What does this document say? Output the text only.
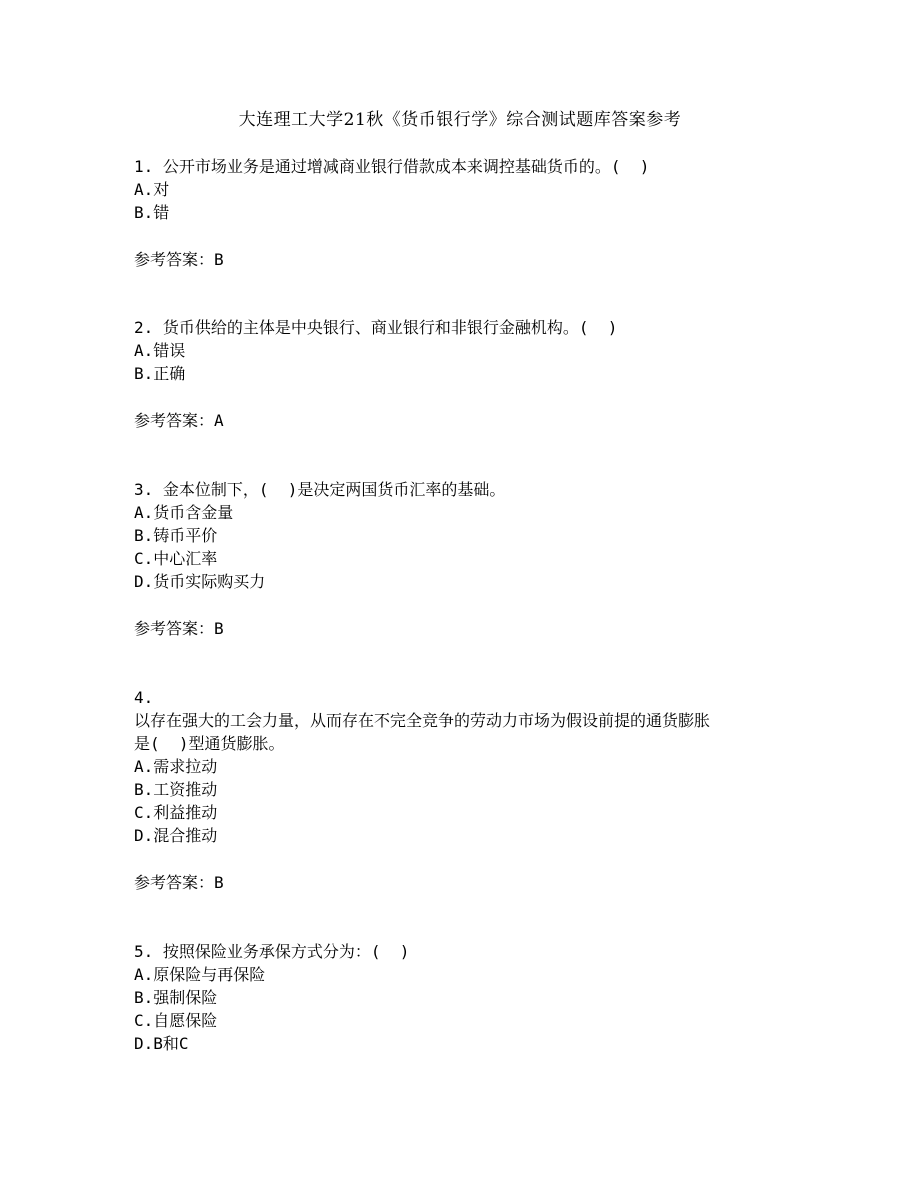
大连理工大学21秋《货币银行学》综合测试题库答案参考
1. 公开市场业务是通过增减商业银行借款成本来调控基础货币的。(  )
A.对
B.错
参考答案：B
2. 货币供给的主体是中央银行、商业银行和非银行金融机构。(  )
A.错误
B.正确
参考答案：A
3. 金本位制下，(  )是决定两国货币汇率的基础。
A.货币含金量
B.铸币平价
C.中心汇率
D.货币实际购买力
参考答案：B
4.
以存在强大的工会力量，从而存在不完全竞争的劳动力市场为假设前提的通货膨胀
是(  )型通货膨胀。
A.需求拉动
B.工资推动
C.利益推动
D.混合推动
参考答案：B
5. 按照保险业务承保方式分为：(  )
A.原保险与再保险
B.强制保险
C.自愿保险
D.B和C
